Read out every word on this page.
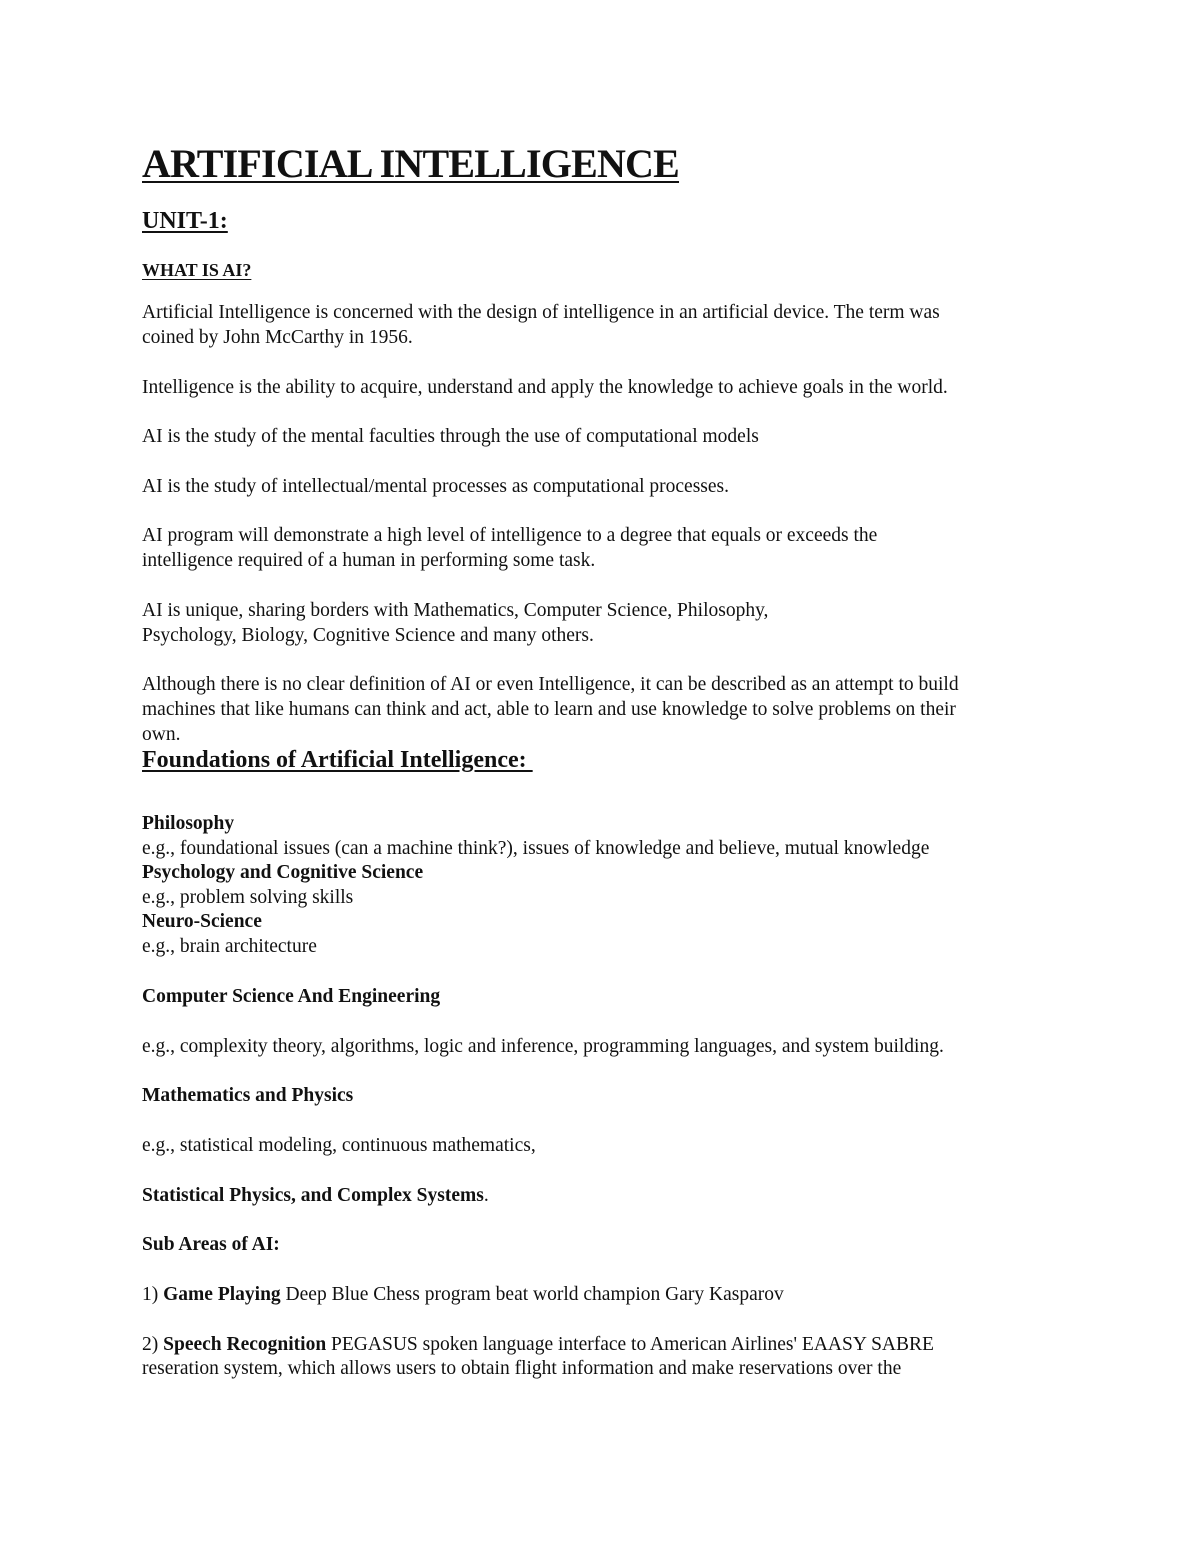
ARTIFICIAL INTELLIGENCE
UNIT-1:
WHAT IS AI?
Artificial Intelligence is concerned with the design of intelligence in an artificial device. The term was
coined by John McCarthy in 1956.
Intelligence is the ability to acquire, understand and apply the knowledge to achieve goals in the world.
AI is the study of the mental faculties through the use of computational models
AI is the study of intellectual/mental processes as computational processes.
AI program will demonstrate a high level of intelligence to a degree that equals or exceeds the
intelligence required of a human in performing some task.
AI is unique, sharing borders with Mathematics, Computer Science, Philosophy,
Psychology, Biology, Cognitive Science and many others.
Although there is no clear definition of AI or even Intelligence, it can be described as an attempt to build
machines that like humans can think and act, able to learn and use knowledge to solve problems on their
own.
Foundations of Artificial Intelligence:
Philosophy
e.g., foundational issues (can a machine think?), issues of knowledge and believe, mutual knowledge
Psychology and Cognitive Science
e.g., problem solving skills
Neuro-Science
e.g., brain architecture
Computer Science And Engineering
e.g., complexity theory, algorithms, logic and inference, programming languages, and system building.
Mathematics and Physics
e.g., statistical modeling, continuous mathematics,
Statistical Physics, and Complex Systems.
Sub Areas of AI:
1) Game Playing Deep Blue Chess program beat world champion Gary Kasparov
2) Speech Recognition PEGASUS spoken language interface to American Airlines' EAASY SABRE
reseration system, which allows users to obtain flight information and make reservations over the
